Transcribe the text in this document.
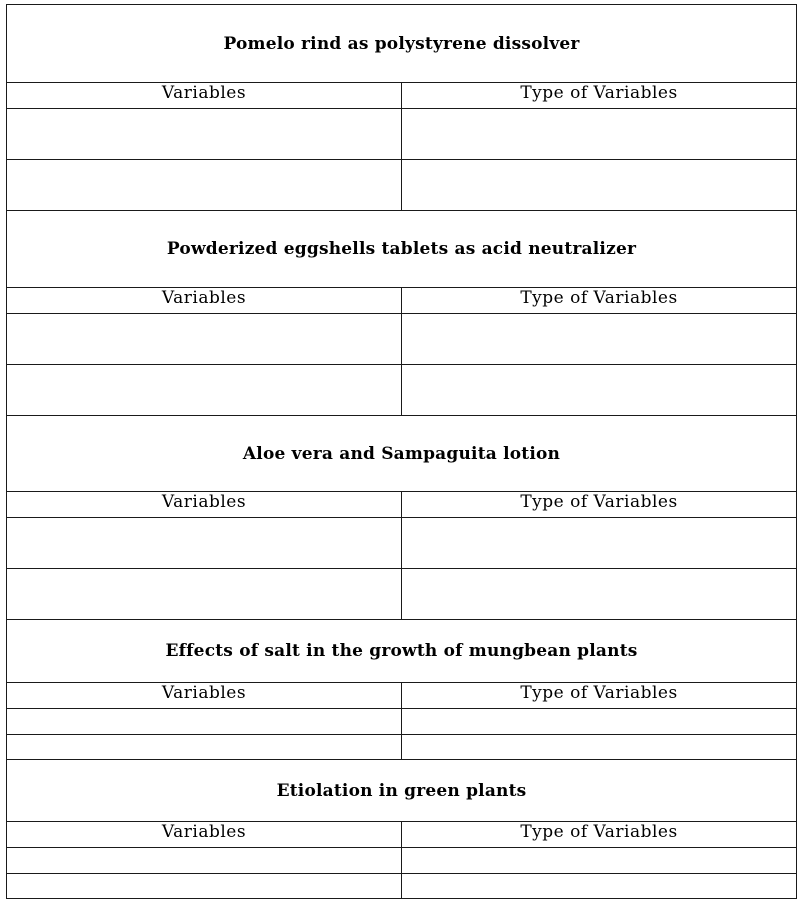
Pomelo rind as polystyrene dissolver	
Variables	Type of Variables

Powderized eggshells tablets as acid neutralizer	
Variables	Type of Variables

Aloe vera and Sampaguita lotion	
Variables	Type of Variables

Effects of salt in the growth of mungbean plants	
Variables	Type of Variables

Etiolation in green plants	
Variables	Type of Variables
